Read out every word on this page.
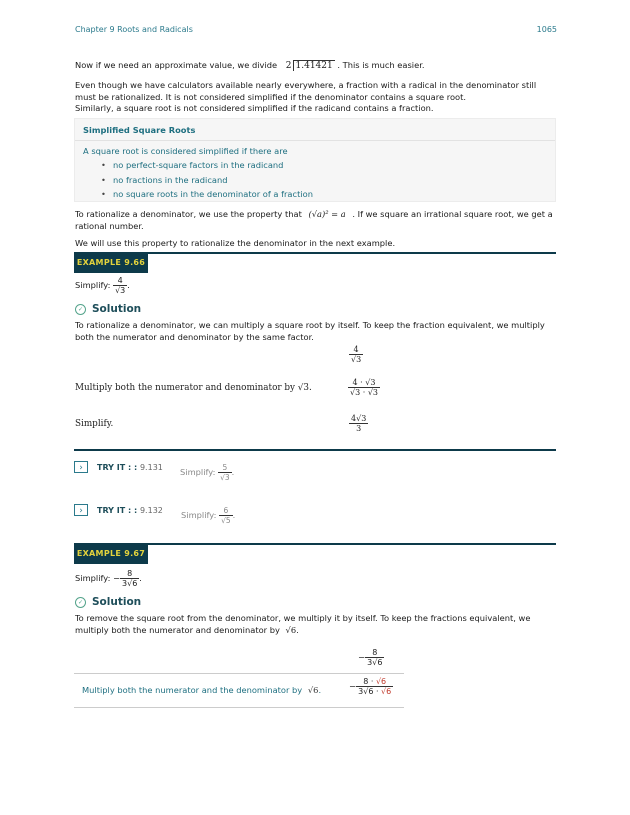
Chapter 9 Roots and Radicals	1065
Now if we need an approximate value, we divide 2 1.41421 . This is much easier.
Even though we have calculators available nearly everywhere, a fraction with a radical in the denominator still must be rationalized. It is not considered simplified if the denominator contains a square root.
Similarly, a square root is not considered simplified if the radicand contains a fraction.
Simplified Square Roots
A square root is considered simplified if there are
• no perfect-square factors in the radicand
• no fractions in the radicand
• no square roots in the denominator of a fraction
To rationalize a denominator, we use the property that (√a)² = a . If we square an irrational square root, we get a rational number.
We will use this property to rationalize the denominator in the next example.
EXAMPLE 9.66
Simplify: $\frac{4}{√3}$ .
✓ Solution
To rationalize a denominator, we can multiply a square root by itself. To keep the fraction equivalent, we multiply both the numerator and denominator by the same factor.
$\frac{4}{√3}$
Multiply both the numerator and denominator by √3.	$\frac{4 \cdot √3}{√3 \cdot √3}$
Simplify.	$\frac{4√3}{3}$
›	TRY IT : : 9.131 Simplify: $\frac{5}{√3}$ .
›	TRY IT : : 9.132 Simplify: $\frac{6}{√5}$ .
EXAMPLE 9.67
Simplify: − $\frac{8}{3√6}$ .
✓ Solution
To remove the square root from the denominator, we multiply it by itself. To keep the fractions equivalent, we multiply both the numerator and denominator by √6.
− $\frac{8}{3√6}$
Multiply both the numerator and the denominator by √6.	− $\frac{8 \cdot √6}{3√6 \cdot √6}$
